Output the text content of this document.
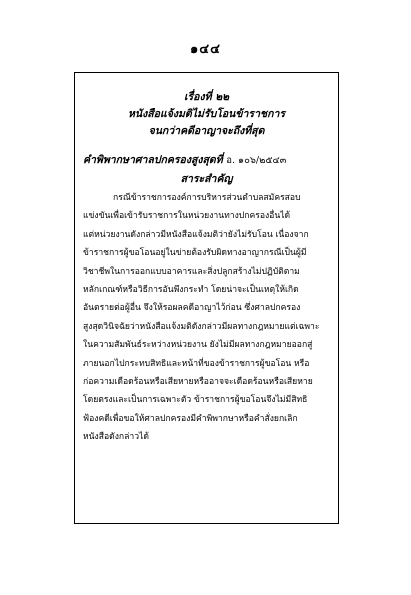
๑๔๔
เรื่องที่ ๒๒
หนังสือแจ้งมติไม่รับโอนข้าราชการ
จนกว่าคดีอาญาจะถึงที่สุด
คำพิพากษาศาลปกครองสูงสุดที่ อ. ๑๐๖/๒๕๔๓
สาระสำคัญ
กรณีข้าราชการองค์การบริหารส่วนตำบลสมัครสอบ
แข่งขันเพื่อเข้ารับราชการในหน่วยงานทางปกครองอื่นได้
แต่หน่วยงานดังกล่าวมีหนังสือแจ้งมติว่ายังไม่รับโอน เนื่องจาก
ข้าราชการผู้ขอโอนอยู่ในข่ายต้องรับผิดทางอาญากรณีเป็นผู้มี
วิชาชีพในการออกแบบอาคารและสิ่งปลูกสร้างไม่ปฏิบัติตาม
หลักเกณฑ์หรือวิธีการอันพึงกระทำ โดยน่าจะเป็นเหตุให้เกิด
อันตรายต่อผู้อื่น จึงให้รอผลคดีอาญาไว้ก่อน ซึ่งศาลปกครอง
สูงสุดวินิจฉัยว่าหนังสือแจ้งมติดังกล่าวมีผลทางกฎหมายแต่เฉพาะ
ในความสัมพันธ์ระหว่างหน่วยงาน ยังไม่มีผลทางกฎหมายออกสู่
ภายนอกไปกระทบสิทธิและหน้าที่ของข้าราชการผู้ขอโอน หรือ
ก่อความเดือดร้อนหรือเสียหายหรืออาจจะเดือดร้อนหรือเสียหาย
โดยตรงและเป็นการเฉพาะตัว ข้าราชการผู้ขอโอนจึงไม่มีสิทธิ
ฟ้องคดีเพื่อขอให้ศาลปกครองมีคำพิพากษาหรือคำสั่งยกเลิก
หนังสือดังกล่าวได้
